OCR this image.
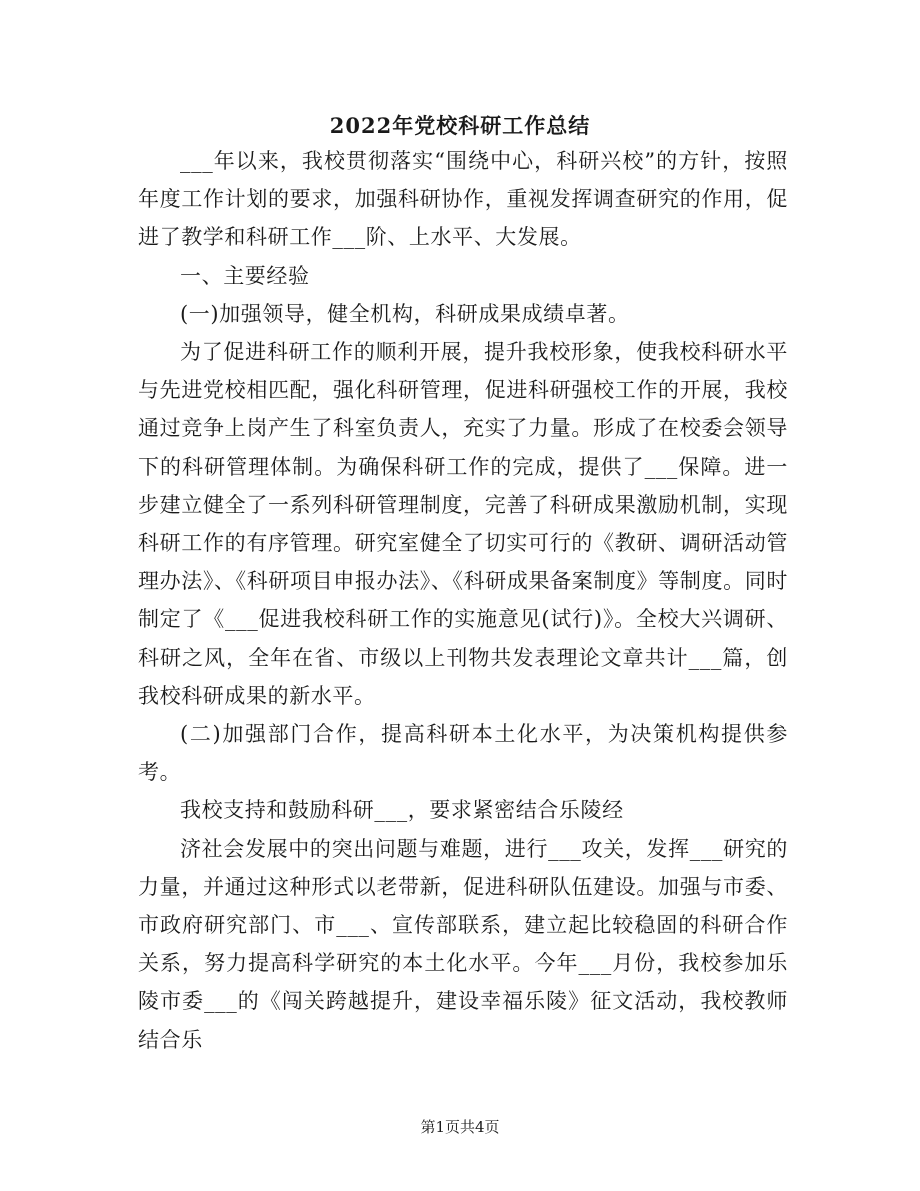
2022年党校科研工作总结

___年以来，我校贯彻落实“围绕中心，科研兴校”的方针，按照年度工作计划的要求，加强科研协作，重视发挥调查研究的作用，促进了教学和科研工作___阶、上水平、大发展。

一、主要经验

(一)加强领导，健全机构，科研成果成绩卓著。

为了促进科研工作的顺利开展，提升我校形象，使我校科研水平与先进党校相匹配，强化科研管理，促进科研强校工作的开展，我校通过竞争上岗产生了科室负责人，充实了力量。形成了在校委会领导下的科研管理体制。为确保科研工作的完成，提供了___保障。进一步建立健全了一系列科研管理制度，完善了科研成果激励机制，实现科研工作的有序管理。研究室健全了切实可行的《教研、调研活动管理办法》、《科研项目申报办法》、《科研成果备案制度》等制度。同时制定了《___促进我校科研工作的实施意见(试行)》。全校大兴调研、科研之风，全年在省、市级以上刊物共发表理论文章共计___篇，创我校科研成果的新水平。

(二)加强部门合作，提高科研本土化水平，为决策机构提供参考。

我校支持和鼓励科研___，要求紧密结合乐陵经

济社会发展中的突出问题与难题，进行___攻关，发挥___研究的力量，并通过这种形式以老带新，促进科研队伍建设。加强与市委、市政府研究部门、市___、宣传部联系，建立起比较稳固的科研合作关系，努力提高科学研究的本土化水平。今年___月份，我校参加乐陵市委___的《闯关跨越提升，建设幸福乐陵》征文活动，我校教师结合乐

第1页共4页
